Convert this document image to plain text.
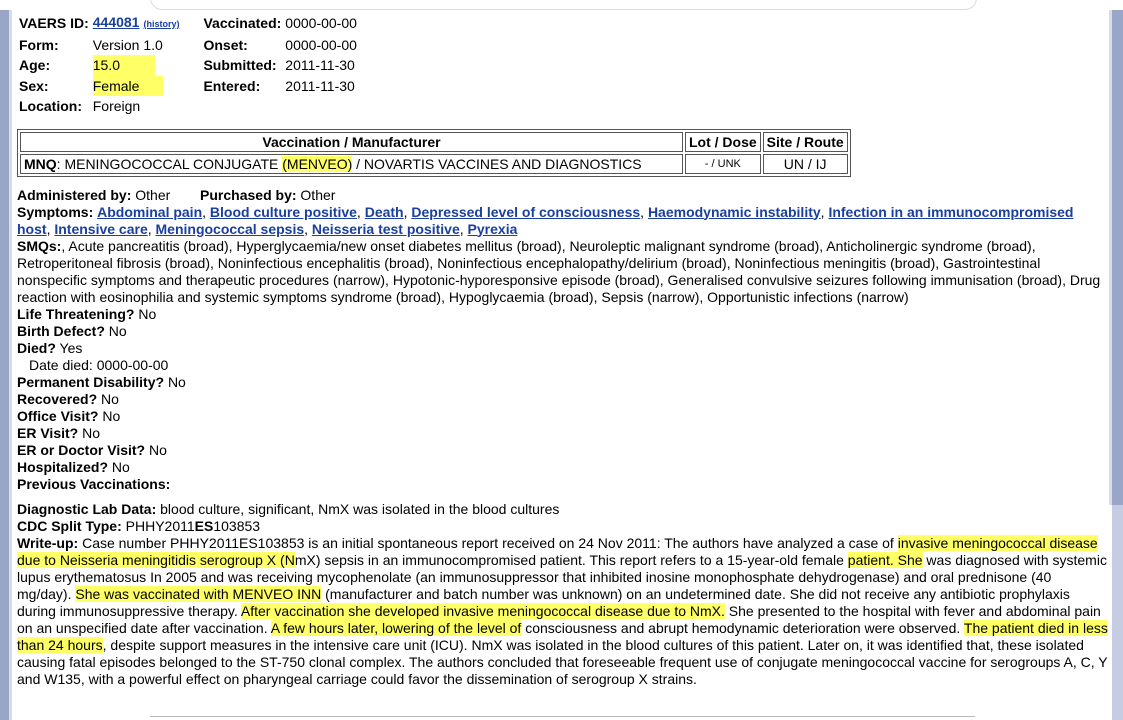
VAERS ID:	444081 (history)	Vaccinated:	0000-00-00
Form:	Version 1.0	Onset:	0000-00-00
Age:	15.0	Submitted:	2011-11-30
Sex:	Female	Entered:	2011-11-30
Location:	Foreign		
Vaccination / Manufacturer	Lot / Dose	Site / Route
MNQ: MENINGOCOCCAL CONJUGATE (MENVEO) / NOVARTIS VACCINES AND DIAGNOSTICS	- / UNK	UN / IJ

Administered by: Other Purchased by: Other

Symptoms: Abdominal pain, Blood culture positive, Death, Depressed level of consciousness, Haemodynamic instability, Infection in an immunocompromised host, Intensive care, Meningococcal sepsis, Neisseria test positive, Pyrexia

SMQs:, Acute pancreatitis (broad), Hyperglycaemia/new onset diabetes mellitus (broad), Neuroleptic malignant syndrome (broad), Anticholinergic syndrome (broad), Retroperitoneal fibrosis (broad), Noninfectious encephalitis (broad), Noninfectious encephalopathy/delirium (broad), Noninfectious meningitis (broad), Gastrointestinal nonspecific symptoms and therapeutic procedures (narrow), Hypotonic-hyporesponsive episode (broad), Generalised convulsive seizures following immunisation (broad), Drug reaction with eosinophilia and systemic symptoms syndrome (broad), Hypoglycaemia (broad), Sepsis (narrow), Opportunistic infections (narrow)

Life Threatening? No

Birth Defect? No

Died? Yes

Date died: 0000-00-00

Permanent Disability? No

Recovered? No

Office Visit? No

ER Visit? No

ER or Doctor Visit? No

Hospitalized? No

Previous Vaccinations:

Diagnostic Lab Data: blood culture, significant, NmX was isolated in the blood cultures

CDC Split Type: PHHY2011ES103853

Write-up: Case number PHHY2011ES103853 is an initial spontaneous report received on 24 Nov 2011: The authors have analyzed a case of invasive meningococcal disease due to Neisseria meningitidis serogroup X (NmX) sepsis in an immunocompromised patient. This report refers to a 15-year-old female patient. She was diagnosed with systemic lupus erythematosus In 2005 and was receiving mycophenolate (an immunosuppressor that inhibited inosine monophosphate dehydrogenase) and oral prednisone (40 mg/day). She was vaccinated with MENVEO INN (manufacturer and batch number was unknown) on an undetermined date. She did not receive any antibiotic prophylaxis during immunosuppressive therapy. After vaccination she developed invasive meningococcal disease due to NmX. She presented to the hospital with fever and abdominal pain on an unspecified date after vaccination. A few hours later, lowering of the level of consciousness and abrupt hemodynamic deterioration were observed. The patient died in less than 24 hours, despite support measures in the intensive care unit (ICU). NmX was isolated in the blood cultures of this patient. Later on, it was identified that, these isolated causing fatal episodes belonged to the ST-750 clonal complex. The authors concluded that foreseeable frequent use of conjugate meningococcal vaccine for serogroups A, C, Y and W135, with a powerful effect on pharyngeal carriage could favor the dissemination of serogroup X strains.
